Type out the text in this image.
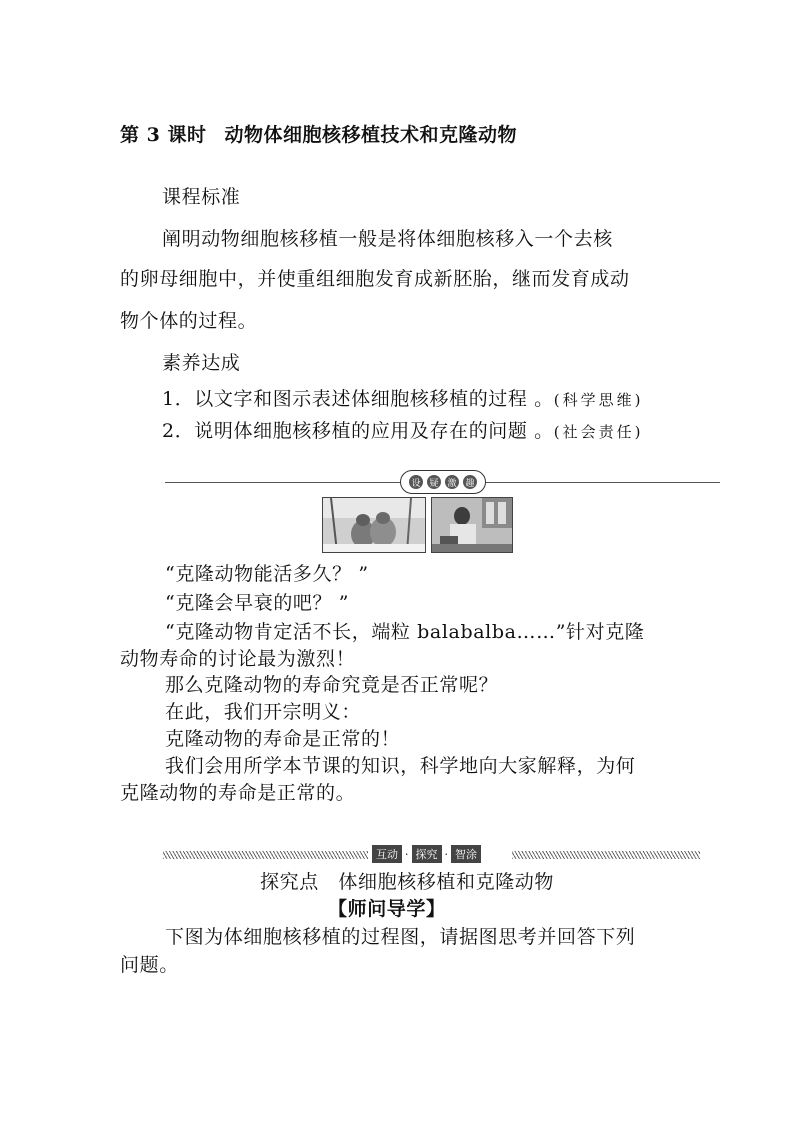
第 3 课时 动物体细胞核移植技术和克隆动物
课程标准
阐明动物细胞核移植一般是将体细胞核移入一个去核
的卵母细胞中，并使重组细胞发育成新胚胎，继而发育成动
物个体的过程。
素养达成
1．以文字和图示表述体细胞核移植的过程 。(科学思维)
2．说明体细胞核移植的应用及存在的问题 。(社会责任)
设 疑 激 趣
“克隆动物能活多久？ ”
“克隆会早衰的吧？ ”
“克隆动物肯定活不长，端粒 balabalba……”针对克隆
动物寿命的讨论最为激烈！
那么克隆动物的寿命究竟是否正常呢？
在此，我们开宗明义：
克隆动物的寿命是正常的！
我们会用所学本节课的知识，科学地向大家解释，为何
克隆动物的寿命是正常的。
互动 · 探究 · 智涂
探究点　体细胞核移植和克隆动物
【师问导学】
下图为体细胞核移植的过程图，请据图思考并回答下列
问题。
